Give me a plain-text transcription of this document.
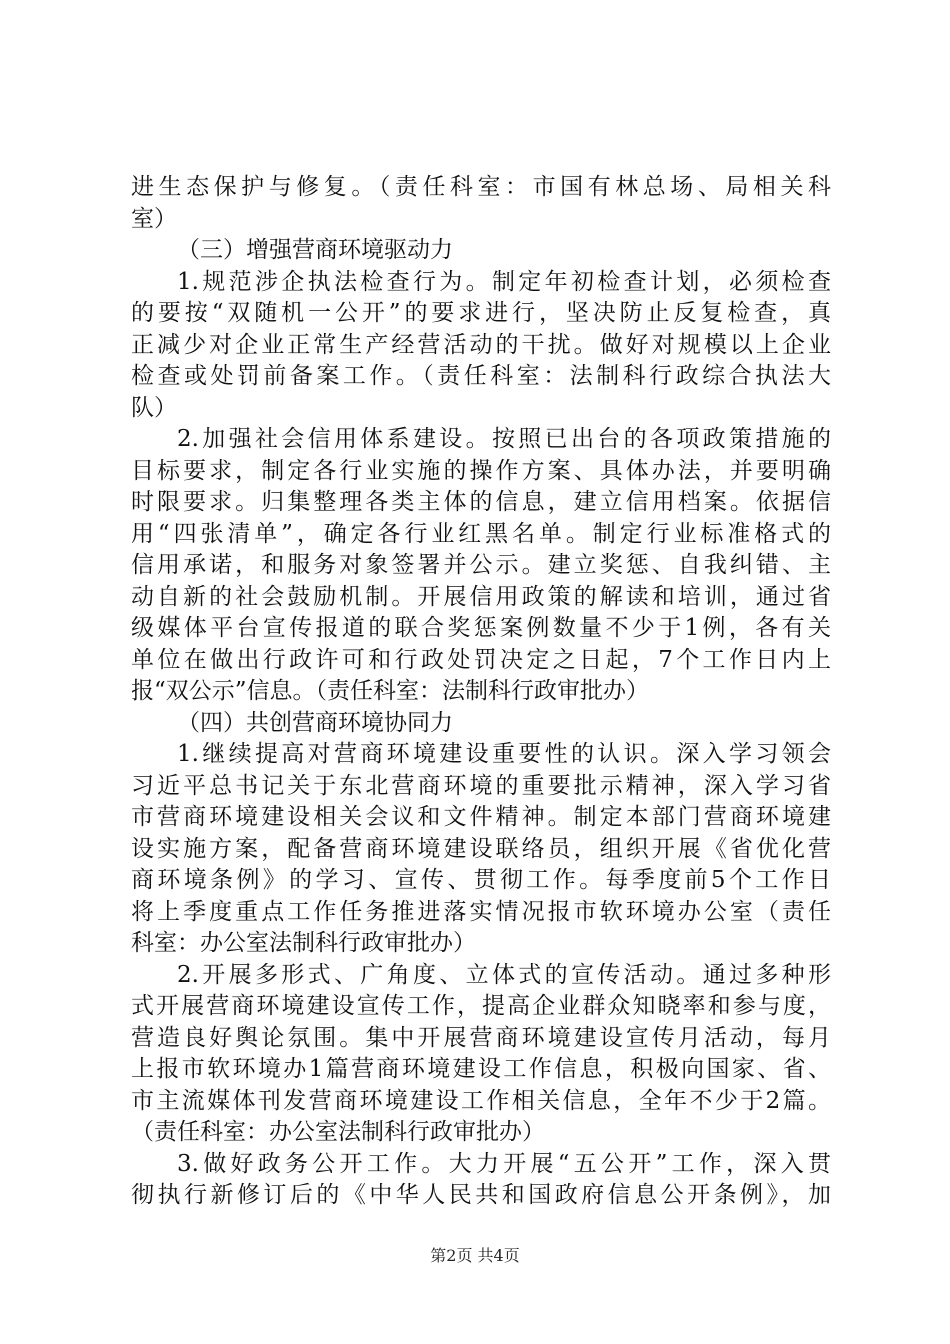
进生态保护与修复。（责任科室：市国有林总场、局相关科
室）
（三）增强营商环境驱动力
1.规范涉企执法检查行为。制定年初检查计划，必须检查
的要按“双随机一公开”的要求进行，坚决防止反复检查，真
正减少对企业正常生产经营活动的干扰。做好对规模以上企业
检查或处罚前备案工作。（责任科室：法制科行政综合执法大
队）
2.加强社会信用体系建设。按照已出台的各项政策措施的
目标要求，制定各行业实施的操作方案、具体办法，并要明确
时限要求。归集整理各类主体的信息，建立信用档案。依据信
用“四张清单”，确定各行业红黑名单。制定行业标准格式的
信用承诺，和服务对象签署并公示。建立奖惩、自我纠错、主
动自新的社会鼓励机制。开展信用政策的解读和培训，通过省
级媒体平台宣传报道的联合奖惩案例数量不少于1例，各有关
单位在做出行政许可和行政处罚决定之日起，7个工作日内上
报“双公示”信息。（责任科室：法制科行政审批办）
（四）共创营商环境协同力
1.继续提高对营商环境建设重要性的认识。深入学习领会
习近平总书记关于东北营商环境的重要批示精神，深入学习省
市营商环境建设相关会议和文件精神。制定本部门营商环境建
设实施方案，配备营商环境建设联络员，组织开展《省优化营
商环境条例》的学习、宣传、贯彻工作。每季度前5个工作日
将上季度重点工作任务推进落实情况报市软环境办公室（责任
科室：办公室法制科行政审批办）
2.开展多形式、广角度、立体式的宣传活动。通过多种形
式开展营商环境建设宣传工作，提高企业群众知晓率和参与度，
营造良好舆论氛围。集中开展营商环境建设宣传月活动，每月
上报市软环境办1篇营商环境建设工作信息，积极向国家、省、
市主流媒体刊发营商环境建设工作相关信息，全年不少于2篇。
（责任科室：办公室法制科行政审批办）
3.做好政务公开工作。大力开展“五公开”工作，深入贯
彻执行新修订后的《中华人民共和国政府信息公开条例》，加
第2页 共4页
